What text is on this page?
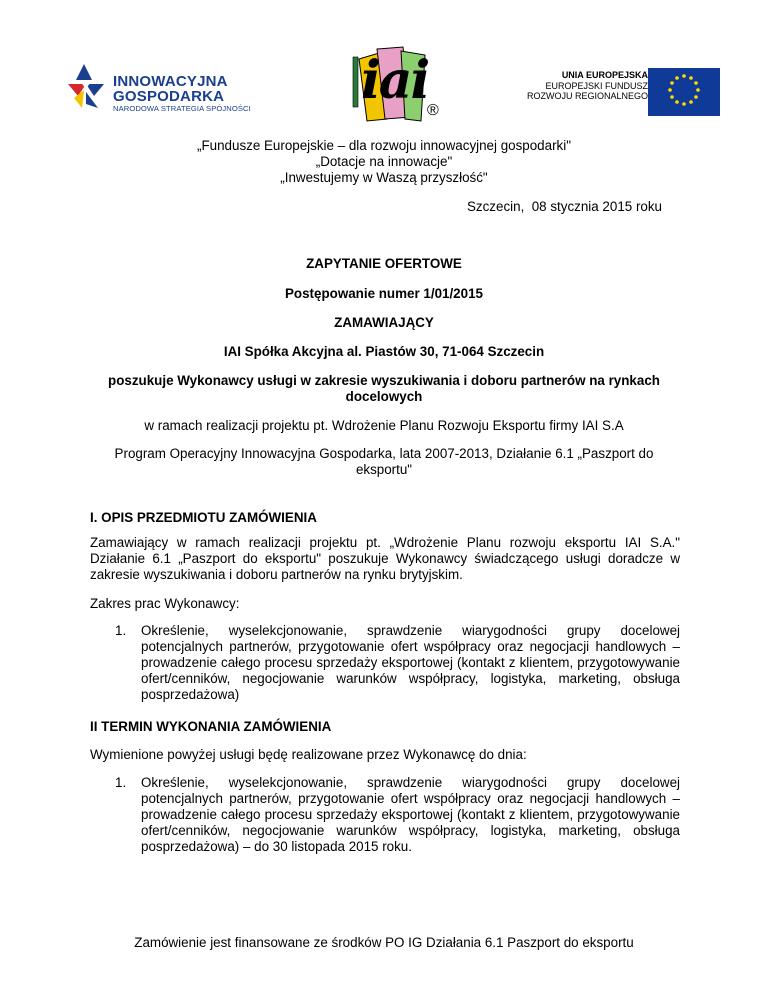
INNOWACYJNA
GOSPODARKA
NARODOWA STRATEGIA SPÓJNOŚCI iai
®
UNIA EUROPEJSKA
EUROPEJSKI FUNDUSZ
ROZWOJU REGIONALNEGO
„Fundusze Europejskie – dla rozwoju innowacyjnej gospodarki"
„Dotacje na innowacje"
„Inwestujemy w Waszą przyszłość"
Szczecin,  08 stycznia 2015 roku
ZAPYTANIE OFERTOWE
Postępowanie numer 1/01/2015
ZAMAWIAJĄCY
IAI Spółka Akcyjna al. Piastów 30, 71-064 Szczecin
poszukuje Wykonawcy usługi w zakresie wyszukiwania i doboru partnerów na rynkach docelowych
w ramach realizacji projektu pt. Wdrożenie Planu Rozwoju Eksportu firmy IAI S.A
Program Operacyjny Innowacyjna Gospodarka, lata 2007-2013, Działanie 6.1 „Paszport do eksportu"
I. OPIS PRZEDMIOTU ZAMÓWIENIA
Zamawiający w ramach realizacji projektu pt. „Wdrożenie Planu rozwoju eksportu IAI S.A." Działanie 6.1 „Paszport do eksportu" poszukuje Wykonawcy świadczącego usługi doradcze w zakresie wyszukiwania i doboru partnerów na rynku brytyjskim.
Zakres prac Wykonawcy:
1. Określenie, wyselekcjonowanie, sprawdzenie wiarygodności grupy docelowej potencjalnych partnerów, przygotowanie ofert współpracy oraz negocjacji handlowych – prowadzenie całego procesu sprzedaży eksportowej (kontakt z klientem, przygotowywanie ofert/cenników, negocjowanie warunków współpracy, logistyka, marketing, obsługa posprzedażowa)
II TERMIN WYKONANIA ZAMÓWIENIA
Wymienione powyżej usługi będę realizowane przez Wykonawcę do dnia:
1. Określenie, wyselekcjonowanie, sprawdzenie wiarygodności grupy docelowej potencjalnych partnerów, przygotowanie ofert współpracy oraz negocjacji handlowych – prowadzenie całego procesu sprzedaży eksportowej (kontakt z klientem, przygotowywanie ofert/cenników, negocjowanie warunków współpracy, logistyka, marketing, obsługa posprzedażowa) – do 30 listopada 2015 roku.
Zamówienie jest finansowane ze środków PO IG Działania 6.1 Paszport do eksportu
